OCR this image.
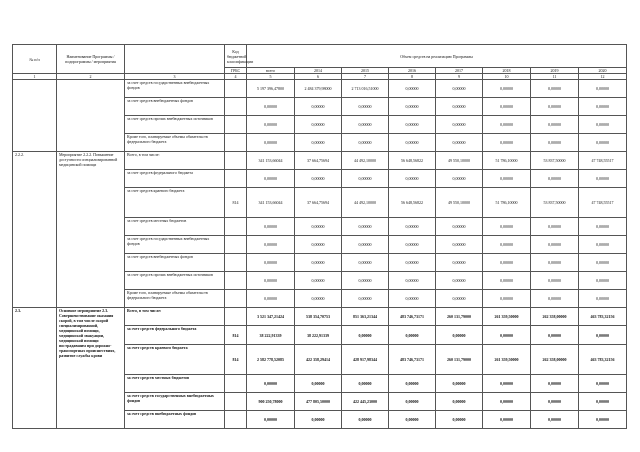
№ п/п	Наименование Программы / подпрограммы / мероприятия		Код бюджетной классификации	Объем средств на реализацию Программы							
			ГРБС	всего	2014	2015	2016	2017	2018	2019	2020
1	2	3	4	5	6	7	8	9	10	11	12
		за счет средств государственных внебюджетных фондов		5 197 396,47800	2 484 379,98000	2 713 016,51000	0,00000	0,00000	0,00000	0,00000	0,00000
		за счет средств внебюджетных фондов		0,00000	0,00000	0,00000	0,00000	0,00000	0,00000	0,00000	0,00000
		за счет средств прочих внебюджетных источников		0,00000	0,00000	0,00000	0,00000	0,00000	0,00000	0,00000	0,00000
		Кроме того, планируемые объемы обязательств федерального бюджета		0,00000	0,00000	0,00000	0,00000	0,00000	0,00000	0,00000	0,00000
2.2.2.	Мероприятие 2.2.2. Повышение доступности специализированной медицинской помощи	Всего, в том числе:		341 153,66044	37 664,75694	44 492,10000	56 648,56822	49 550,10000	51 786,10000	53 837,50000	47 748,55517
		за счет средств федерального бюджета		0,00000	0,00000	0,00000	0,00000	0,00000	0,00000	0,00000	0,00000
		за счет средств краевого бюджета	814	341 153,66044	37 664,75694	44 492,10000	56 648,56822	49 550,10000	51 786,10000	53 837,50000	47 748,55517
		за счет средств местных бюджетов		0,00000	0,00000	0,00000	0,00000	0,00000	0,00000	0,00000	0,00000
		за счет средств государственных внебюджетных фондов		0,00000	0,00000	0,00000	0,00000	0,00000	0,00000	0,00000	0,00000
		за счет средств внебюджетных фондов		0,00000	0,00000	0,00000	0,00000	0,00000	0,00000	0,00000	0,00000
		за счет средств прочих внебюджетных источников		0,00000	0,00000	0,00000	0,00000	0,00000	0,00000	0,00000	0,00000
		Кроме того, планируемые объемы обязательств федерального бюджета		0,00000	0,00000	0,00000	0,00000	0,00000	0,00000	0,00000	0,00000
2.3.	Основное мероприятие 2.3. Совершенствование оказания скорой, в том числе скорой специализированной, медицинской помощи, медицинской эвакуации, медицинской помощи пострадавшим при дорожно-транспортных происшествиях, развитие службы крови	Всего, в том числе:		3 521 347,21424	538 354,70753	851 363,21344	483 746,73171	260 131,79000	261 359,50000	262 358,00000	463 783,32156
		за счет средств федерального бюджета	814	38 222,91339	38 222,91339	0,00000	0,00000	0,00000	0,00000	0,00000	0,00000
		за счет средств краевого бюджета	814	2 582 778,52085	422 358,29414	428 917,98344	483 746,73171	260 131,79000	261 359,50000	262 358,00000	463 783,32156
		за счет средств местных бюджетов		0,00000	0,00000	0,00000	0,00000	0,00000	0,00000	0,00000	0,00000
		за счет средств государственных внебюджетных фондов		900 250,78000	477 805,50000	422 445,23000	0,00000	0,00000	0,00000	0,00000	0,00000
		за счет средств внебюджетных фондов		0,00000	0,00000	0,00000	0,00000	0,00000	0,00000	0,00000	0,00000
